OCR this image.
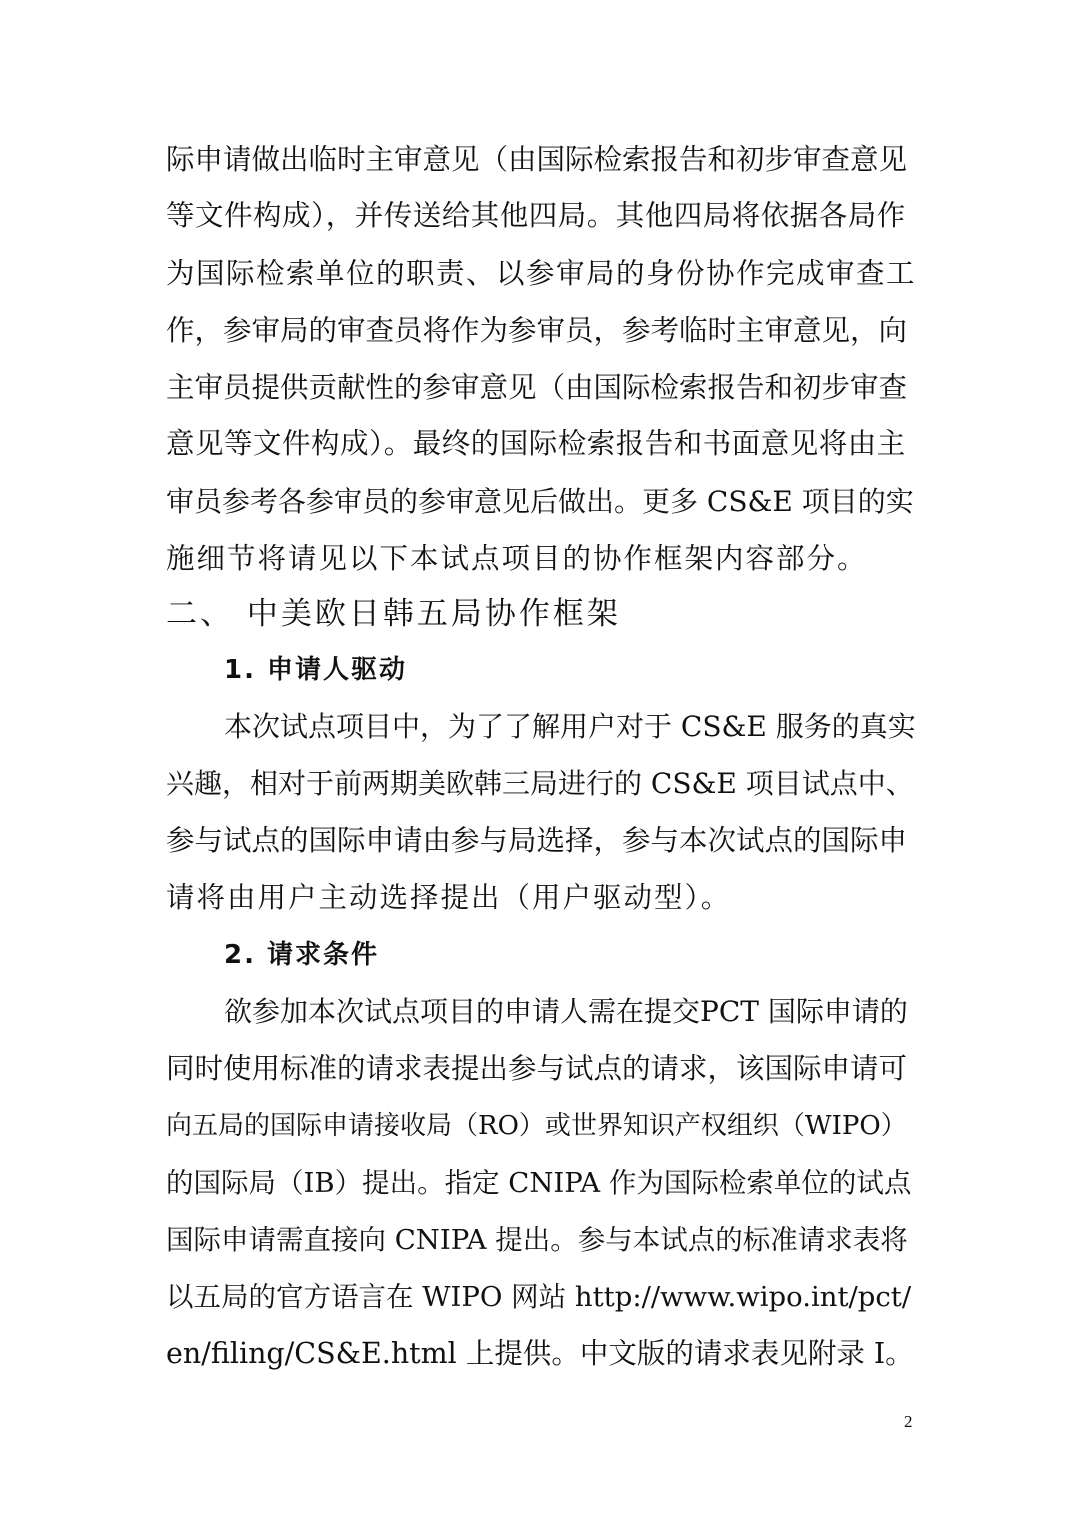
际申请做出临时主审意见（由国际检索报告和初步审查意见
等文件构成），并传送给其他四局。其他四局将依据各局作
为国际检索单位的职责、以参审局的身份协作完成审查工
作，参审局的审查员将作为参审员，参考临时主审意见，向
主审员提供贡献性的参审意见（由国际检索报告和初步审查
意见等文件构成）。最终的国际检索报告和书面意见将由主
审员参考各参审员的参审意见后做出。更多 CS&E 项目的实
施细节将请见以下本试点项目的协作框架内容部分。
二、 中美欧日韩五局协作框架
1. 申请人驱动
本次试点项目中，为了了解用户对于 CS&E 服务的真实
兴趣，相对于前两期美欧韩三局进行的 CS&E 项目试点中、
参与试点的国际申请由参与局选择，参与本次试点的国际申
请将由用户主动选择提出（用户驱动型）。
2. 请求条件
欲参加本次试点项目的申请人需在提交PCT 国际申请的
同时使用标准的请求表提出参与试点的请求，该国际申请可
向五局的国际申请接收局（RO）或世界知识产权组织（WIPO）
的国际局（IB）提出。指定 CNIPA 作为国际检索单位的试点
国际申请需直接向 CNIPA 提出。参与本试点的标准请求表将
以五局的官方语言在 WIPO 网站 http://www.wipo.int/pct/
en/filing/CS&E.html 上提供。中文版的请求表见附录 I。
2
